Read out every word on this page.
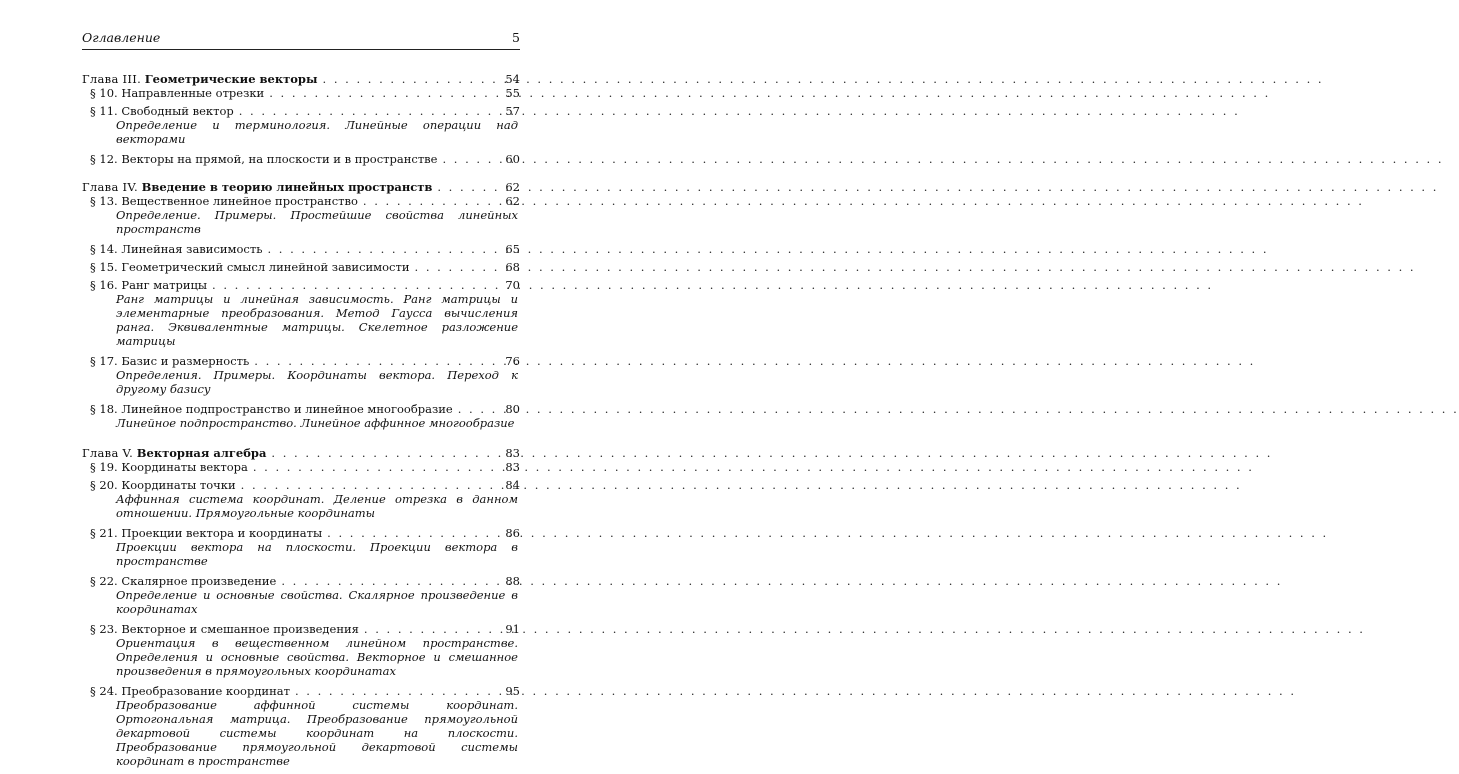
Оглавление	5
Глава III. Геометрические векторы . . .	54
§ 10. Направленные отрезки . . .	55
§ 11. Свободный вектор . . .	57
Определение и терминология. Линейные операции над векторами
§ 12. Векторы на прямой, на плоскости и в пространстве . . .	60
Глава IV. Введение в теорию линейных пространств . . .	62
§ 13. Вещественное линейное пространство . . .	62
Определение. Примеры. Простейшие свойства линейных пространств
§ 14. Линейная зависимость . . .	65
§ 15. Геометрический смысл линейной зависимости . . .	68
§ 16. Ранг матрицы . . .	70
Ранг матрицы и линейная зависимость. Ранг матрицы и элементарные преобразования. Метод Гаусса вычисления ранга. Эквивалентные матрицы. Скелетное разложение матрицы
§ 17. Базис и размерность . . .	76
Определения. Примеры. Координаты вектора. Переход к другому базису
§ 18. Линейное подпространство и линейное многообразие . . .	80
Линейное подпространство. Линейное аффинное многообразие
Глава V. Векторная алгебра . . .	83
§ 19. Координаты вектора . . .	83
§ 20. Координаты точки . . .	84
Аффинная система координат. Деление отрезка в данном отношении. Прямоугольные координаты
§ 21. Проекции вектора и координаты . . .	86
Проекции вектора на плоскости. Проекции вектора в пространстве
§ 22. Скалярное произведение . . .	88
Определение и основные свойства. Скалярное произведение в координатах
§ 23. Векторное и смешанное произведения . . .	91
Ориентация в вещественном линейном пространстве. Определения и основные свойства. Векторное и смешанное произведения в прямоугольных координатах
§ 24. Преобразование координат . . .	95
Преобразование аффинной системы координат. Ортогональная матрица. Преобразование прямоугольной декартовой системы координат на плоскости. Преобразование прямоугольной декартовой системы координат в пространстве
